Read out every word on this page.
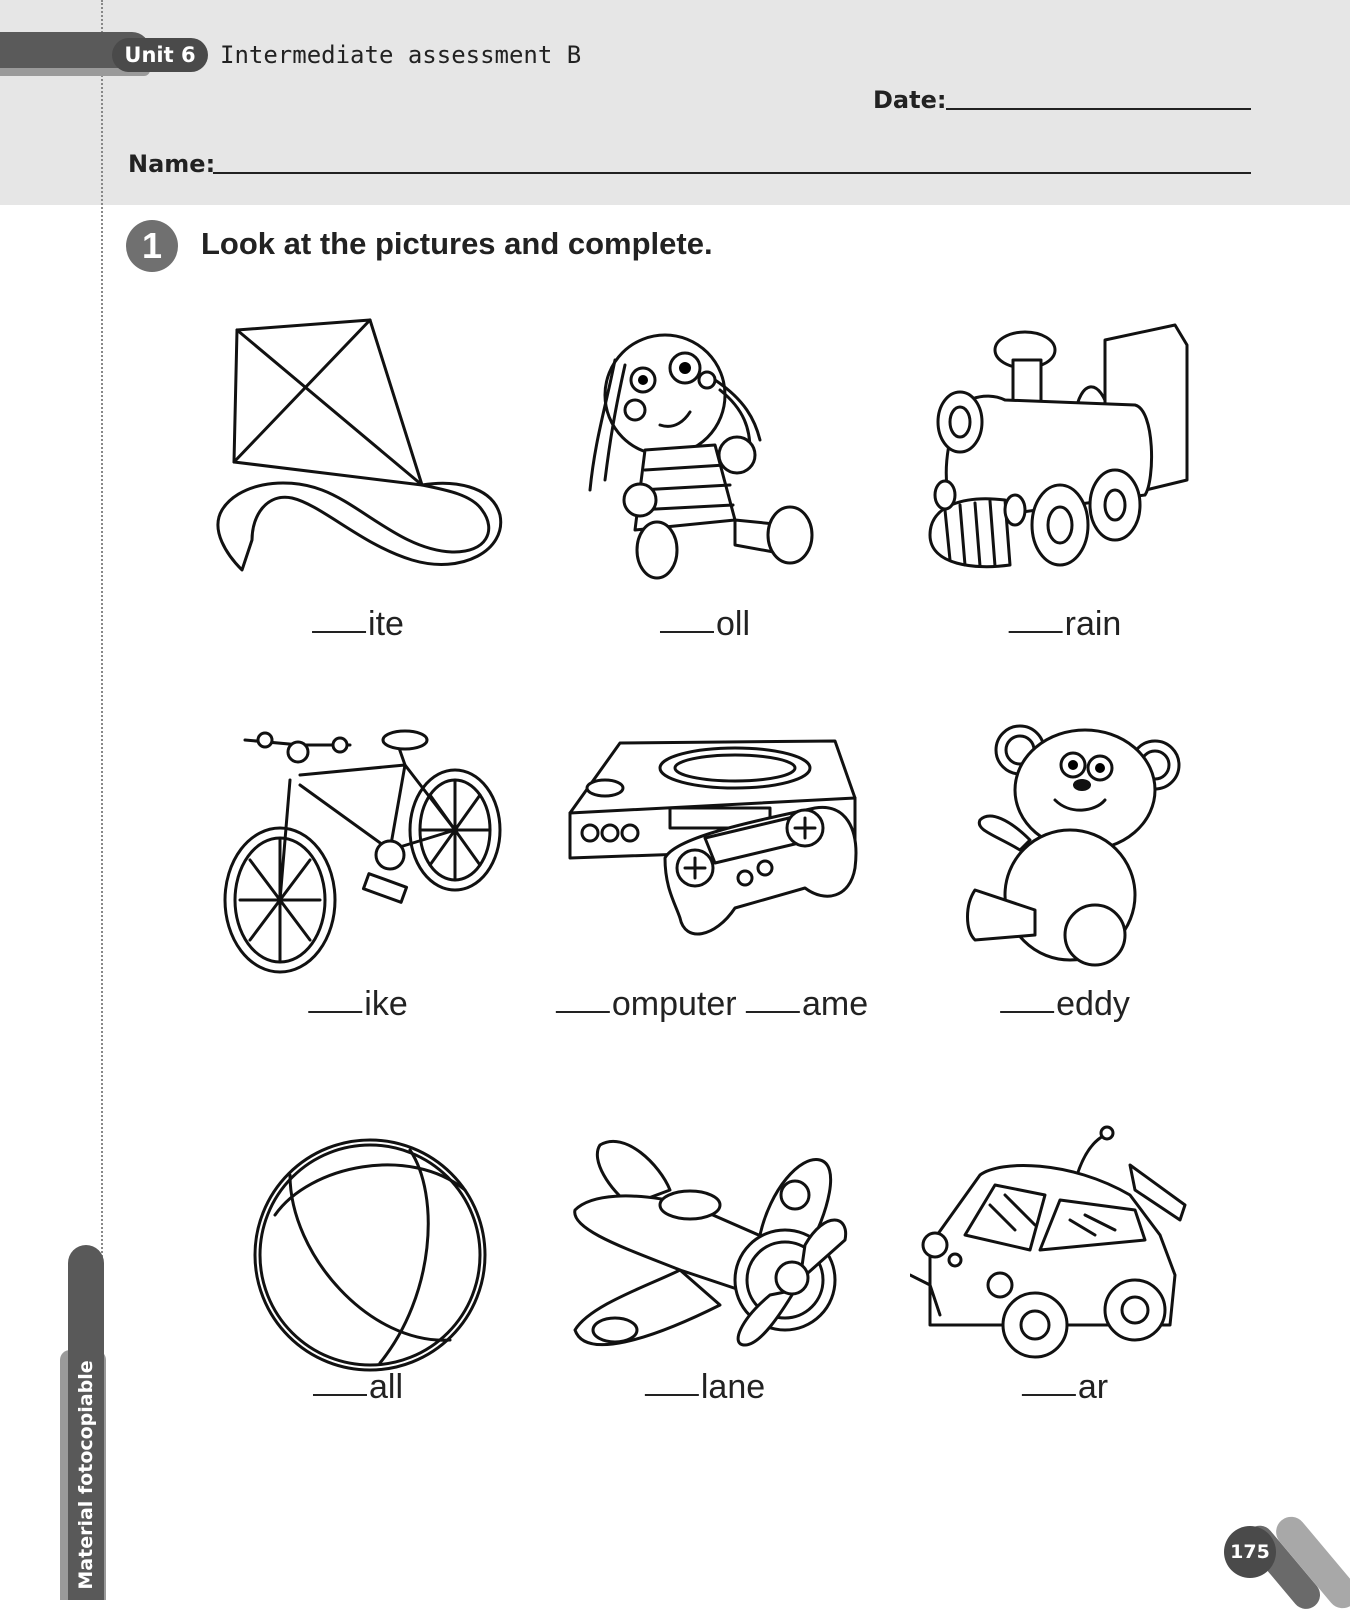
Unit 6	Intermediate assessment B
Date:
Name:
1	Look at the pictures and complete.
ite	oll	rain
ike	omputer ame	eddy
all	lane	ar
Material fotocopiable	175
